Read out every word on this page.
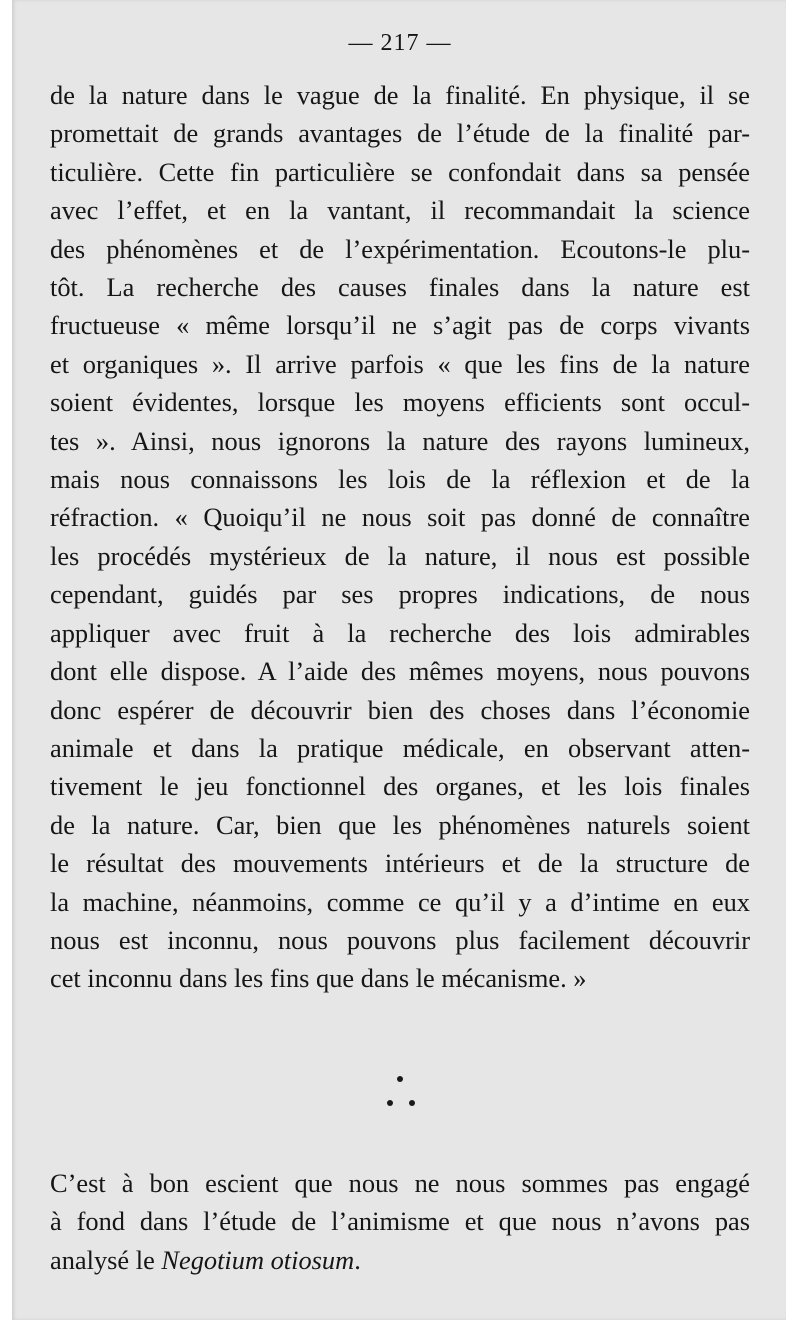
— 217 —
de la nature dans le vague de la finalité. En physique, il se
promettait de grands avantages de l’étude de la finalité par-
ticulière. Cette fin particulière se confondait dans sa pensée
avec l’effet, et en la vantant, il recommandait la science
des phénomènes et de l’expérimentation. Ecoutons-le plu-
tôt. La recherche des causes finales dans la nature est
fructueuse « même lorsqu’il ne s’agit pas de corps vivants
et organiques ». Il arrive parfois « que les fins de la nature
soient évidentes, lorsque les moyens efficients sont occul-
tes ». Ainsi, nous ignorons la nature des rayons lumineux,
mais nous connaissons les lois de la réflexion et de la
réfraction. « Quoiqu’il ne nous soit pas donné de connaître
les procédés mystérieux de la nature, il nous est possible
cependant, guidés par ses propres indications, de nous
appliquer avec fruit à la recherche des lois admirables
dont elle dispose. A l’aide des mêmes moyens, nous pouvons
donc espérer de découvrir bien des choses dans l’économie
animale et dans la pratique médicale, en observant atten-
tivement le jeu fonctionnel des organes, et les lois finales
de la nature. Car, bien que les phénomènes naturels soient
le résultat des mouvements intérieurs et de la structure de
la machine, néanmoins, comme ce qu’il y a d’intime en eux
nous est inconnu, nous pouvons plus facilement découvrir
cet inconnu dans les fins que dans le mécanisme. »
C’est à bon escient que nous ne nous sommes pas engagé
à fond dans l’étude de l’animisme et que nous n’avons pas
analysé le Negotium otiosum.
